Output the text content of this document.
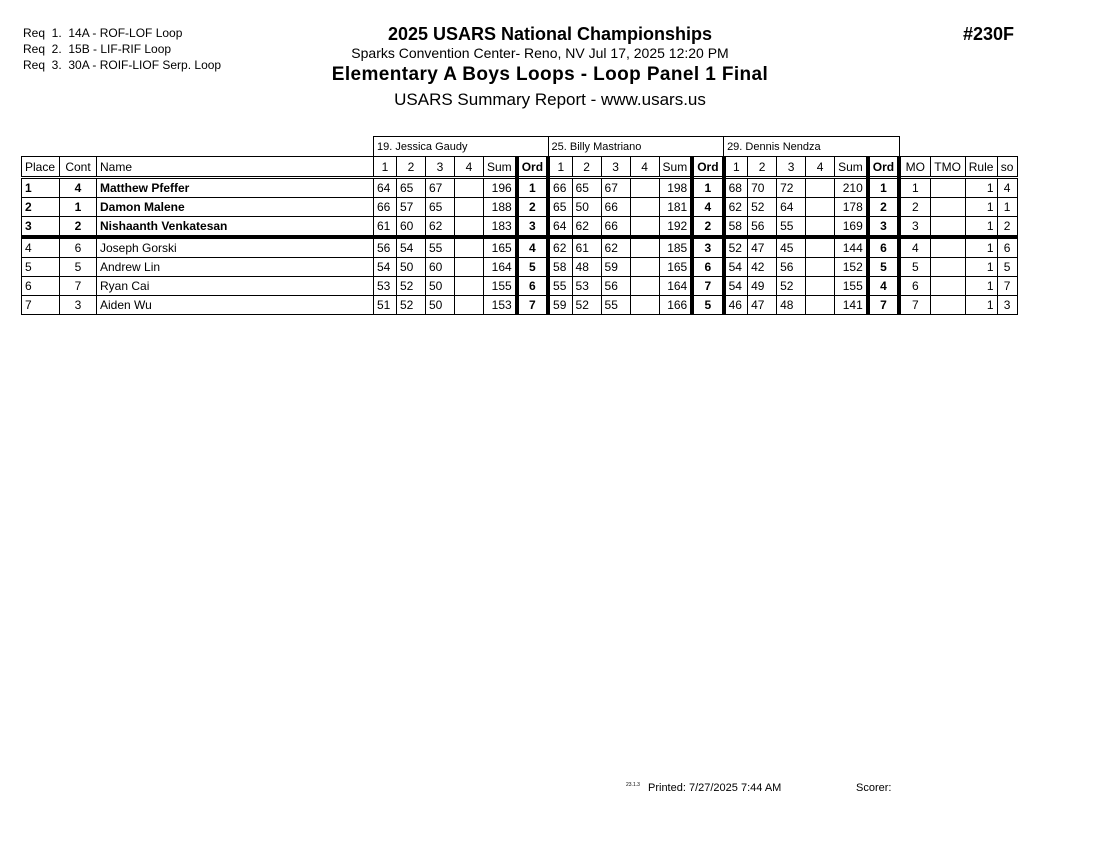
Req  1.  14A - ROF-LOF Loop
Req  2.  15B - LIF-RIF Loop
Req  3.  30A - ROIF-LIOF Serp. Loop
2025 USARS National Championships
Sparks Convention Center- Reno, NV Jul 17, 2025 12:20 PM
Elementary A Boys Loops - Loop Panel 1 Final
USARS Summary Report - www.usars.us
#230F
			19. Jessica Gaudy						25. Billy Mastriano						29. Dennis Nendza									
Place	Cont	Name	1	2	3	4	Sum	Ord	1	2	3	4	Sum	Ord	1	2	3	4	Sum	Ord	MO	TMO	Rule	so
1	4	Matthew Pfeffer	64	65	67		196	1	66	65	67		198	1	68	70	72		210	1	1		1	4
2	1	Damon Malene	66	57	65		188	2	65	50	66		181	4	62	52	64		178	2	2		1	1
3	2	Nishaanth Venkatesan	61	60	62		183	3	64	62	66		192	2	58	56	55		169	3	3		1	2
4	6	Joseph Gorski	56	54	55		165	4	62	61	62		185	3	52	47	45		144	6	4		1	6
5	5	Andrew Lin	54	50	60		164	5	58	48	59		165	6	54	42	56		152	5	5		1	5
6	7	Ryan Cai	53	52	50		155	6	55	53	56		164	7	54	49	52		155	4	6		1	7
7	3	Aiden Wu	51	52	50		153	7	59	52	55		166	5	46	47	48		141	7	7		1	3
23.1.3 Printed: 7/27/2025 7:44 AM	Scorer:
